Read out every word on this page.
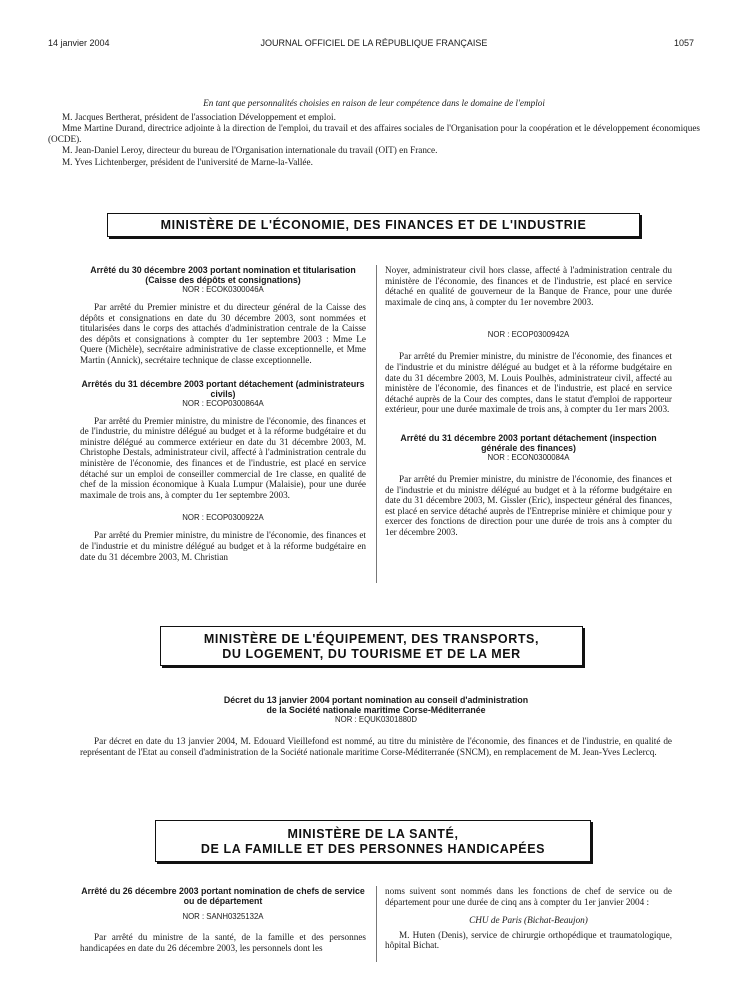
14 janvier 2004	JOURNAL OFFICIEL DE LA RÉPUBLIQUE FRANÇAISE	1057

En tant que personnalités choisies en raison de leur compétence dans le domaine de l'emploi

M. Jacques Bertherat, président de l'association Développement et emploi.

Mme Martine Durand, directrice adjointe à la direction de l'emploi, du travail et des affaires sociales de l'Organisation pour la coopération et le développement économiques (OCDE).

M. Jean-Daniel Leroy, directeur du bureau de l'Organisation internationale du travail (OIT) en France.

M. Yves Lichtenberger, président de l'université de Marne-la-Vallée.

MINISTÈRE DE L'ÉCONOMIE, DES FINANCES ET DE L'INDUSTRIE
Arrêté du 30 décembre 2003 portant nomination et titularisation (Caisse des dépôts et consignations)
NOR : ECOK0300046A

Par arrêté du Premier ministre et du directeur général de la Caisse des dépôts et consignations en date du 30 décembre 2003, sont nommées et titularisées dans le corps des attachés d'administration centrale de la Caisse des dépôts et consignations à compter du 1er septembre 2003 : Mme Le Quere (Michèle), secrétaire administrative de classe exceptionnelle, et Mme Martin (Annick), secrétaire technique de classe exceptionnelle.

Arrêtés du 31 décembre 2003 portant détachement (administrateurs civils)
NOR : ECOP0300864A

Par arrêté du Premier ministre, du ministre de l'économie, des finances et de l'industrie, du ministre délégué au budget et à la réforme budgétaire et du ministre délégué au commerce extérieur en date du 31 décembre 2003, M. Christophe Destals, administrateur civil, affecté à l'administration centrale du ministère de l'économie, des finances et de l'industrie, est placé en service détaché sur un emploi de conseiller commercial de 1re classe, en qualité de chef de la mission économique à Kuala Lumpur (Malaisie), pour une durée maximale de trois ans, à compter du 1er septembre 2003.

NOR : ECOP0300922A

Par arrêté du Premier ministre, du ministre de l'économie, des finances et de l'industrie et du ministre délégué au budget et à la réforme budgétaire en date du 31 décembre 2003, M. Christian

Noyer, administrateur civil hors classe, affecté à l'administration centrale du ministère de l'économie, des finances et de l'industrie, est placé en service détaché en qualité de gouverneur de la Banque de France, pour une durée maximale de cinq ans, à compter du 1er novembre 2003.

NOR : ECOP0300942A

Par arrêté du Premier ministre, du ministre de l'économie, des finances et de l'industrie et du ministre délégué au budget et à la réforme budgétaire en date du 31 décembre 2003, M. Louis Poulhès, administrateur civil, affecté au ministère de l'économie, des finances et de l'industrie, est placé en service détaché auprès de la Cour des comptes, dans le statut d'emploi de rapporteur extérieur, pour une durée maximale de trois ans, à compter du 1er mars 2003.

Arrêté du 31 décembre 2003 portant détachement (inspection générale des finances)
NOR : ECON0300084A

Par arrêté du Premier ministre, du ministre de l'économie, des finances et de l'industrie et du ministre délégué au budget et à la réforme budgétaire en date du 31 décembre 2003, M. Gissler (Eric), inspecteur général des finances, est placé en service détaché auprès de l'Entreprise minière et chimique pour y exercer des fonctions de direction pour une durée de trois ans à compter du 1er décembre 2003.

MINISTÈRE DE L'ÉQUIPEMENT, DES TRANSPORTS,
DU LOGEMENT, DU TOURISME ET DE LA MER
Décret du 13 janvier 2004 portant nomination au conseil d'administration
de la Société nationale maritime Corse-Méditerranée
NOR : EQUK0301880D

Par décret en date du 13 janvier 2004, M. Edouard Vieillefond est nommé, au titre du ministère de l'économie, des finances et de l'industrie, en qualité de représentant de l'Etat au conseil d'administration de la Société nationale maritime Corse-Méditerranée (SNCM), en remplacement de M. Jean-Yves Leclercq.

MINISTÈRE DE LA SANTÉ,
DE LA FAMILLE ET DES PERSONNES HANDICAPÉES
Arrêté du 26 décembre 2003 portant nomination de chefs de service ou de département
NOR : SANH0325132A

Par arrêté du ministre de la santé, de la famille et des personnes handicapées en date du 26 décembre 2003, les personnels dont les

noms suivent sont nommés dans les fonctions de chef de service ou de département pour une durée de cinq ans à compter du 1er janvier 2004 :

CHU de Paris (Bichat-Beaujon)

M. Huten (Denis), service de chirurgie orthopédique et traumatologique, hôpital Bichat.
